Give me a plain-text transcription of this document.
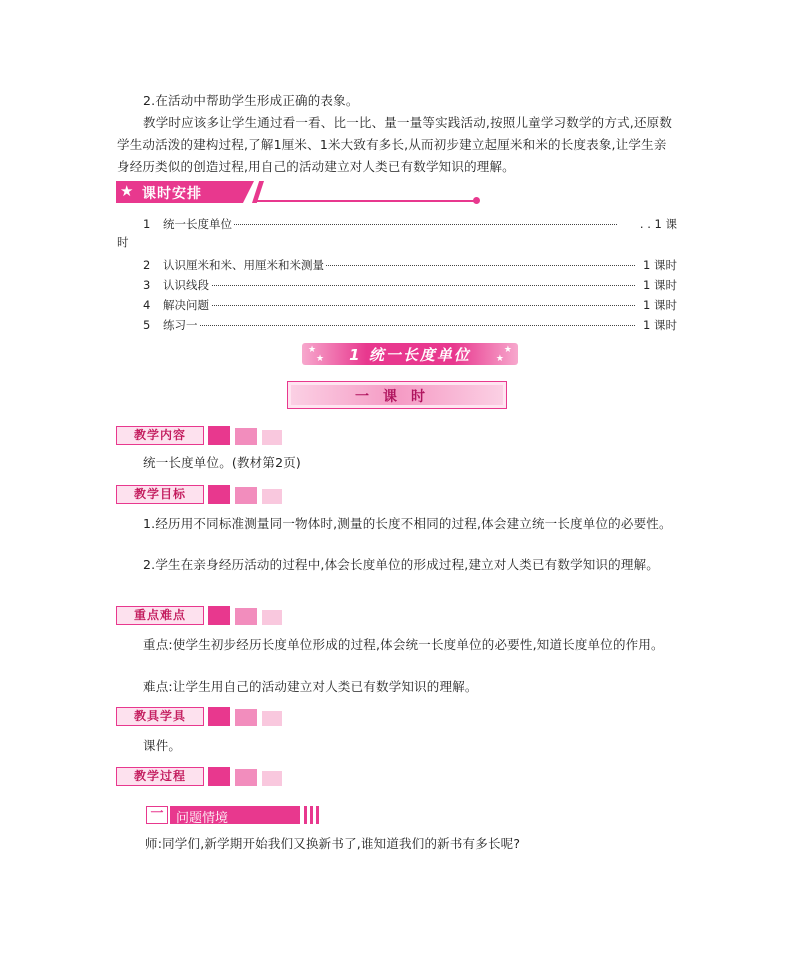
2.在活动中帮助学生形成正确的表象。
教学时应该多让学生通过看一看、比一比、量一量等实践活动,按照儿童学习数学的方式,还原数学生动活泼的建构过程,了解1厘米、1米大致有多长,从而初步建立起厘米和米的长度表象,让学生亲身经历类似的创造过程,用自己的活动建立对人类已有数学知识的理解。
★ 课时安排
1 统一长度单位	. . 1 课
时
2 认识厘米和米、用厘米和米测量	1 课时
3 认识线段	1 课时
4 解决问题	1 课时
5 练习一	1 课时
★
★
★
★
1 统一长度单位
一课时
教学内容
统一长度单位。(教材第2页)
教学目标
1.经历用不同标准测量同一物体时,测量的长度不相同的过程,体会建立统一长度单位的必要性。
2.学生在亲身经历活动的过程中,体会长度单位的形成过程,建立对人类已有数学知识的理解。
重点难点
重点:使学生初步经历长度单位形成的过程,体会统一长度单位的必要性,知道长度单位的作用。
难点:让学生用自己的活动建立对人类已有数学知识的理解。
教具学具
课件。
教学过程
一 问题情境
师:同学们,新学期开始我们又换新书了,谁知道我们的新书有多长呢?
